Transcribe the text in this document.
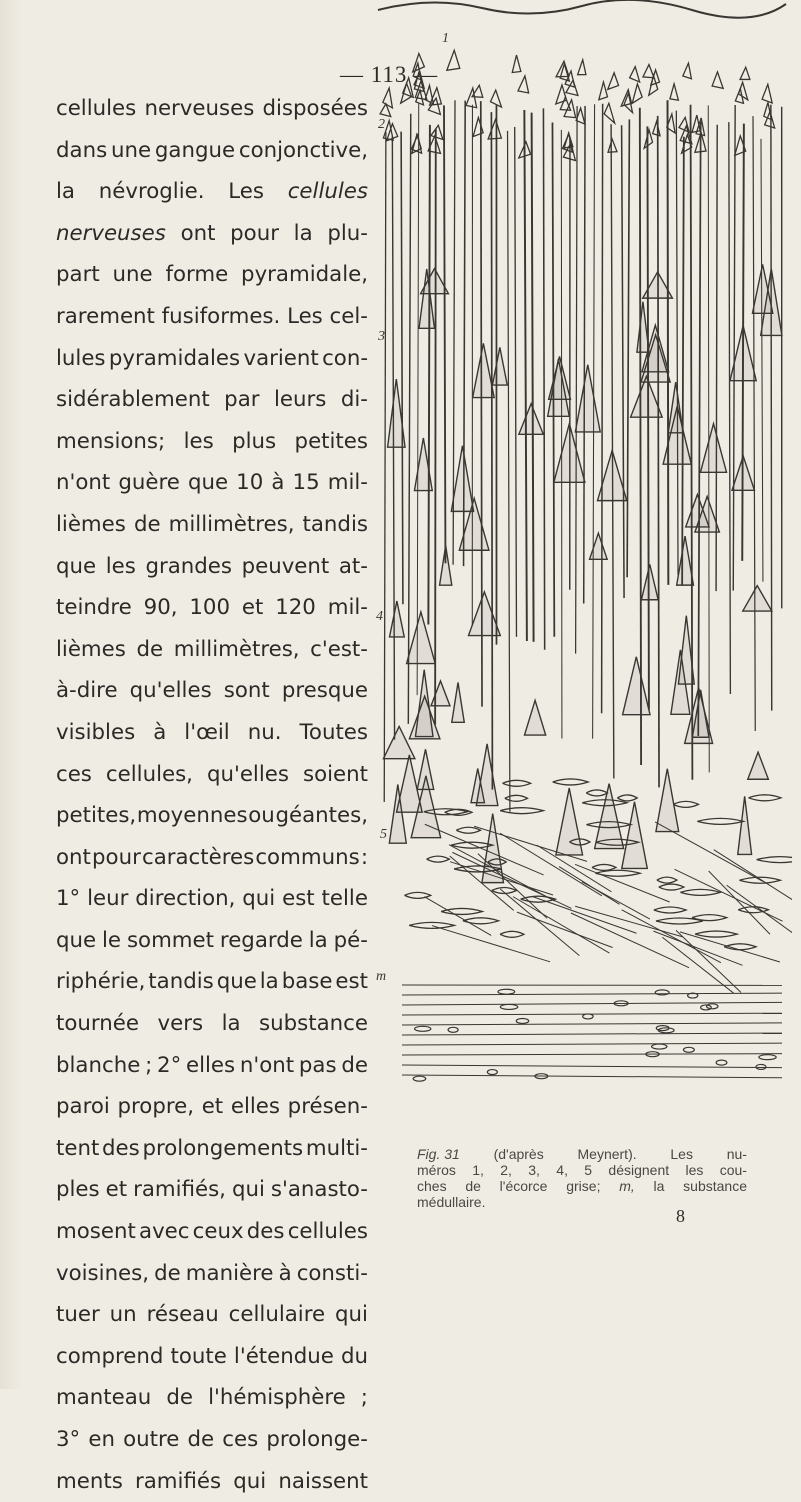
— 113 —
cellules nerveuses disposées
dans une gangue conjonctive,
la névroglie. Les cellules
nerveuses ont pour la plu-
part une forme pyramidale,
rarement fusiformes. Les cel-
lules pyramidales varient con-
sidérablement par leurs di-
mensions; les plus petites
n'ont guère que 10 à 15 mil-
lièmes de millimètres, tandis
que les grandes peuvent at-
teindre 90, 100 et 120 mil-
lièmes de millimètres, c'est-
à-dire qu'elles sont presque
visibles à l'œil nu. Toutes
ces cellules, qu'elles soient
petites, moyennes ou géantes,
ont pour caractères communs :
1° leur direction, qui est telle
que le sommet regarde la pé-
riphérie, tandis que la base est
tournée vers la substance
blanche ; 2° elles n'ont pas de
paroi propre, et elles présen-
tent des prolongements multi-
ples et ramifiés, qui s'anasto-
mosent avec ceux des cellules
voisines, de manière à consti-
tuer un réseau cellulaire qui
comprend toute l'étendue du
manteau de l'hémisphère ;
3° en outre de ces prolonge-
ments ramifiés qui naissent
1
2
3
4
5
m
Fig. 31 (d'après Meynert). Les nu-
méros 1, 2, 3, 4, 5 désignent les cou-
ches de l'écorce grise; m, la substance
médullaire.
8
